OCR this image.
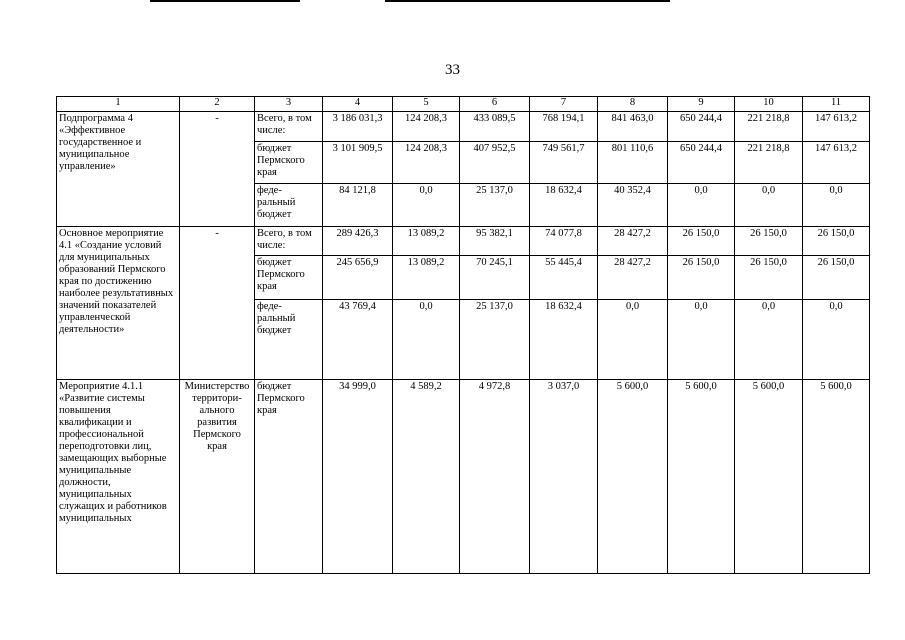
33
1	2	3	4	5	6	7	8	9	10	11
Подпрограмма 4 «Эффективное государственное и муниципальное управление»	-	Всего, в том числе:	3 186 031,3	124 208,3	433 089,5	768 194,1	841 463,0	650 244,4	221 218,8	147 613,2
		бюджет Пермского края	3 101 909,5	124 208,3	407 952,5	749 561,7	801 110,6	650 244,4	221 218,8	147 613,2
		феде-ральный бюджет	84 121,8	0,0	25 137,0	18 632,4	40 352,4	0,0	0,0	0,0
Основное мероприятие 4.1 «Создание условий для муниципальных образований Пермского края по достижению наиболее результативных значений показателей управленческой деятельности»	-	Всего, в том числе:	289 426,3	13 089,2	95 382,1	74 077,8	28 427,2	26 150,0	26 150,0	26 150,0
		бюджет Пермского края	245 656,9	13 089,2	70 245,1	55 445,4	28 427,2	26 150,0	26 150,0	26 150,0
		феде-ральный бюджет	43 769,4	0,0	25 137,0	18 632,4	0,0	0,0	0,0	0,0
Мероприятие 4.1.1 «Развитие системы повышения квалификации и профессиональной переподготовки лиц, замещающих выборные муниципальные должности, муниципальных служащих и работников муниципальных	Министерство территори-ального развития Пермского края	бюджет Пермского края	34 999,0	4 589,2	4 972,8	3 037,0	5 600,0	5 600,0	5 600,0	5 600,0
